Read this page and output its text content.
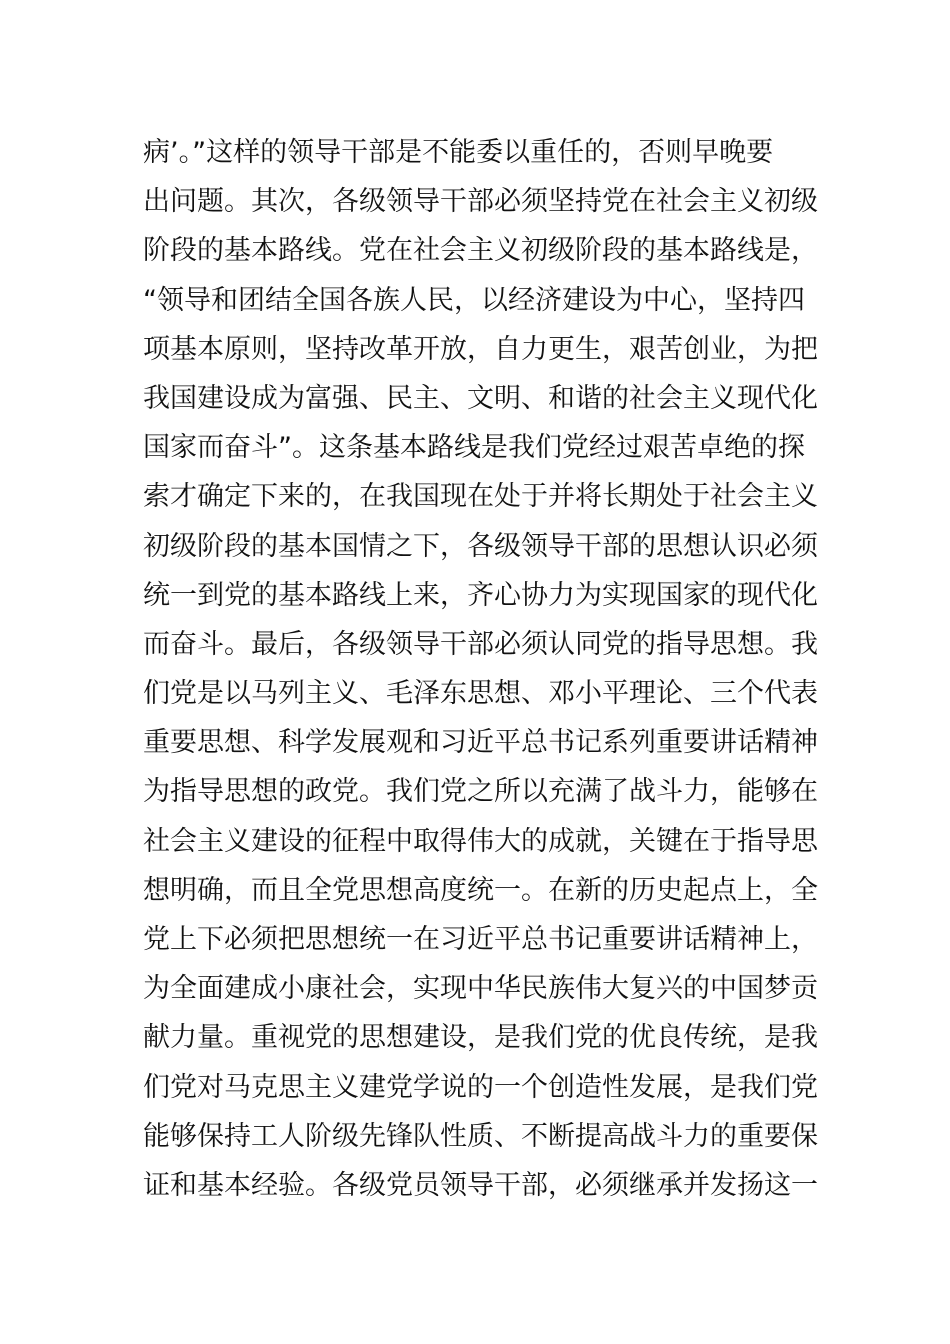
病’。”这样的领导干部是不能委以重任的，否则早晚要
出问题。其次，各级领导干部必须坚持党在社会主义初级
阶段的基本路线。党在社会主义初级阶段的基本路线是，
“领导和团结全国各族人民，以经济建设为中心，坚持四
项基本原则，坚持改革开放，自力更生，艰苦创业，为把
我国建设成为富强、民主、文明、和谐的社会主义现代化
国家而奋斗”。这条基本路线是我们党经过艰苦卓绝的探
索才确定下来的，在我国现在处于并将长期处于社会主义
初级阶段的基本国情之下，各级领导干部的思想认识必须
统一到党的基本路线上来，齐心协力为实现国家的现代化
而奋斗。最后，各级领导干部必须认同党的指导思想。我
们党是以马列主义、毛泽东思想、邓小平理论、三个代表
重要思想、科学发展观和习近平总书记系列重要讲话精神
为指导思想的政党。我们党之所以充满了战斗力，能够在
社会主义建设的征程中取得伟大的成就，关键在于指导思
想明确，而且全党思想高度统一。在新的历史起点上，全
党上下必须把思想统一在习近平总书记重要讲话精神上，
为全面建成小康社会，实现中华民族伟大复兴的中国梦贡
献力量。重视党的思想建设，是我们党的优良传统，是我
们党对马克思主义建党学说的一个创造性发展，是我们党
能够保持工人阶级先锋队性质、不断提高战斗力的重要保
证和基本经验。各级党员领导干部，必须继承并发扬这一
